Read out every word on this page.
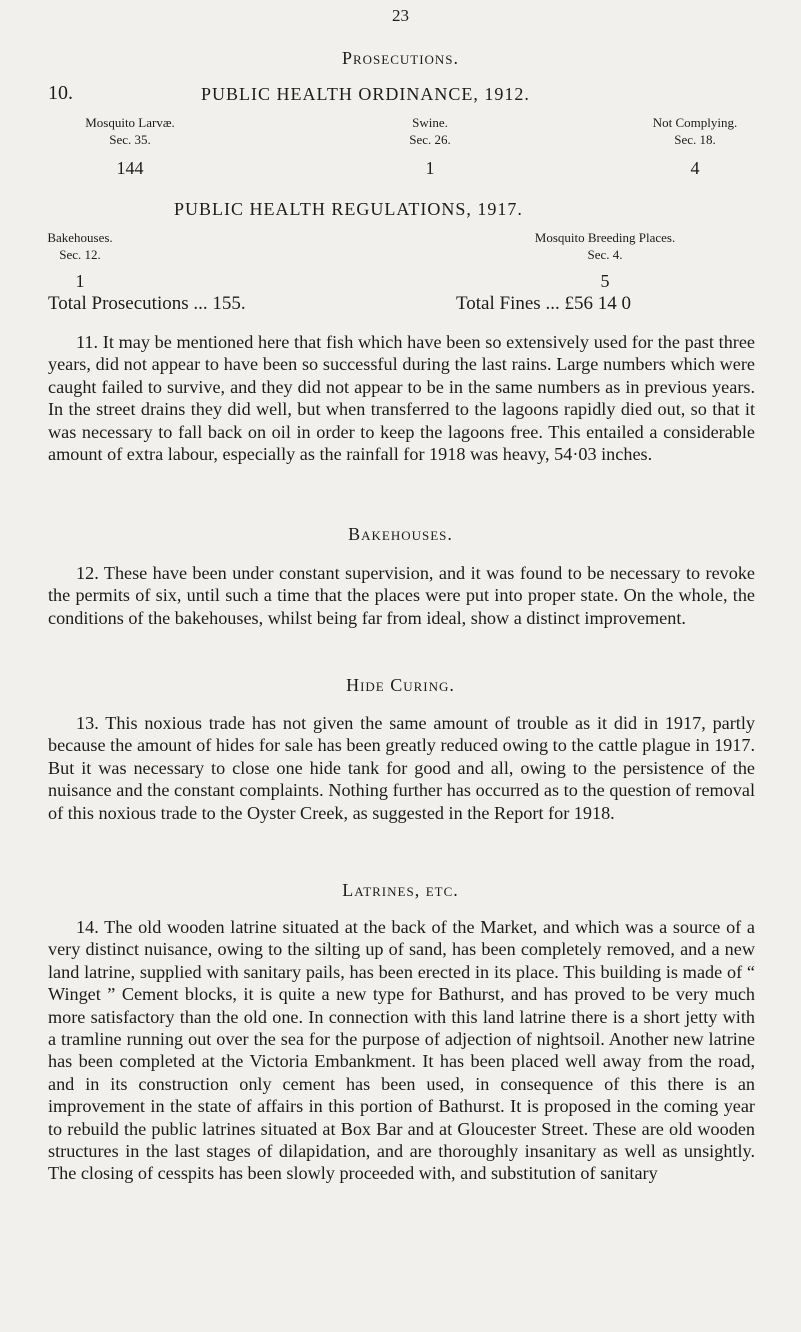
23
Prosecutions.
10.	PUBLIC HEALTH ORDINANCE, 1912.
Mosquito Larvæ.
Sec. 35.
144
Swine.
Sec. 26.
1
Not Complying.
Sec. 18.
4
PUBLIC HEALTH REGULATIONS, 1917.
Bakehouses.
Sec. 12.
1
Mosquito Breeding Places.
Sec. 4.
5
Total Prosecutions ... 155.	Total Fines ... £56 14 0

11. It may be mentioned here that fish which have been so extensively used for the past three years, did not appear to have been so successful during the last rains. Large numbers which were caught failed to survive, and they did not appear to be in the same numbers as in previous years. In the street drains they did well, but when transferred to the lagoons rapidly died out, so that it was necessary to fall back on oil in order to keep the lagoons free. This entailed a considerable amount of extra labour, especially as the rainfall for 1918 was heavy, 54·03 inches.

Bakehouses.

12. These have been under constant supervision, and it was found to be necessary to revoke the permits of six, until such a time that the places were put into proper state. On the whole, the conditions of the bakehouses, whilst being far from ideal, show a distinct improvement.

Hide Curing.

13. This noxious trade has not given the same amount of trouble as it did in 1917, partly because the amount of hides for sale has been greatly reduced owing to the cattle plague in 1917. But it was necessary to close one hide tank for good and all, owing to the persistence of the nuisance and the constant complaints. Nothing further has occurred as to the question of removal of this noxious trade to the Oyster Creek, as suggested in the Report for 1918.

Latrines, etc.

14. The old wooden latrine situated at the back of the Market, and which was a source of a very distinct nuisance, owing to the silting up of sand, has been completely removed, and a new land latrine, supplied with sanitary pails, has been erected in its place. This building is made of “ Winget ” Cement blocks, it is quite a new type for Bathurst, and has proved to be very much more satisfactory than the old one. In connection with this land latrine there is a short jetty with a tramline running out over the sea for the purpose of adjection of nightsoil. Another new latrine has been completed at the Victoria Embankment. It has been placed well away from the road, and in its construction only cement has been used, in consequence of this there is an improvement in the state of affairs in this portion of Bathurst. It is proposed in the coming year to rebuild the public latrines situated at Box Bar and at Gloucester Street. These are old wooden structures in the last stages of dilapidation, and are thoroughly insanitary as well as unsightly. The closing of cesspits has been slowly proceeded with, and substitution of sanitary
